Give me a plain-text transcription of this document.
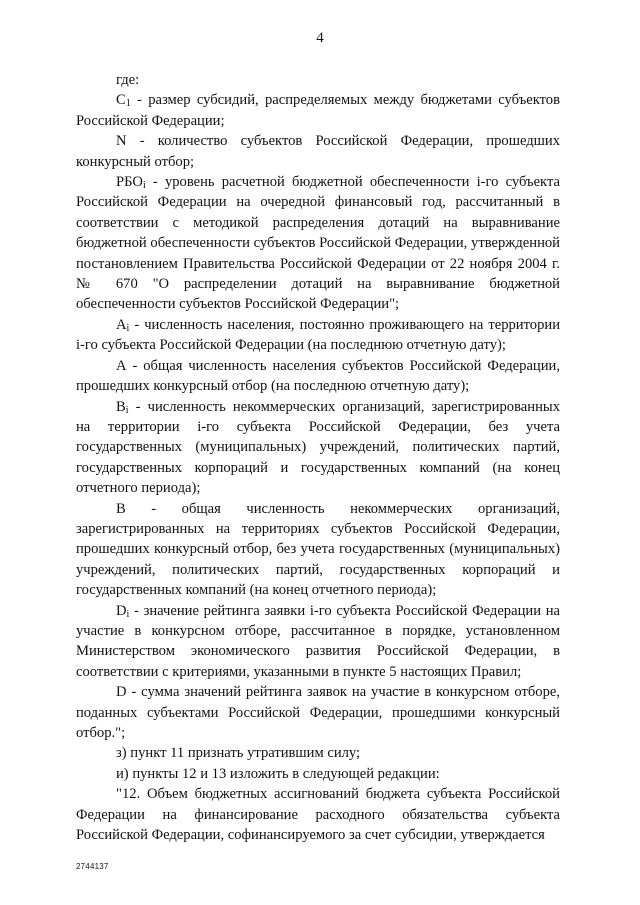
4

где:

$С_1$ - размер субсидий, распределяемых между бюджетами субъектов Российской Федерации;

N - количество субъектов Российской Федерации, прошедших конкурсный отбор;

$РБО_i$ - уровень расчетной бюджетной обеспеченности i-го субъекта Российской Федерации на очередной финансовый год, рассчитанный в соответствии с методикой распределения дотаций на выравнивание бюджетной обеспеченности субъектов Российской Федерации, утвержденной постановлением Правительства Российской Федерации от 22 ноября 2004 г. № 670 "О распределении дотаций на выравнивание бюджетной обеспеченности субъектов Российской Федерации";

$А_i$ - численность населения, постоянно проживающего на территории i-го субъекта Российской Федерации (на последнюю отчетную дату);

А - общая численность населения субъектов Российской Федерации, прошедших конкурсный отбор (на последнюю отчетную дату);

$В_i$ - численность некоммерческих организаций, зарегистрированных на территории i-го субъекта Российской Федерации, без учета государственных (муниципальных) учреждений, политических партий, государственных корпораций и государственных компаний (на конец отчетного периода);

В - общая численность некоммерческих организаций, зарегистрированных на территориях субъектов Российской Федерации, прошедших конкурсный отбор, без учета государственных (муниципальных) учреждений, политических партий, государственных корпораций и государственных компаний (на конец отчетного периода);

$D_i$ - значение рейтинга заявки i-го субъекта Российской Федерации на участие в конкурсном отборе, рассчитанное в порядке, установленном Министерством экономического развития Российской Федерации, в соответствии с критериями, указанными в пункте 5 настоящих Правил;

D - сумма значений рейтинга заявок на участие в конкурсном отборе, поданных субъектами Российской Федерации, прошедшими конкурсный отбор.";

з) пункт 11 признать утратившим силу;

и) пункты 12 и 13 изложить в следующей редакции:

"12. Объем бюджетных ассигнований бюджета субъекта Российской Федерации на финансирование расходного обязательства субъекта Российской Федерации, софинансируемого за счет субсидии, утверждается

2744137
